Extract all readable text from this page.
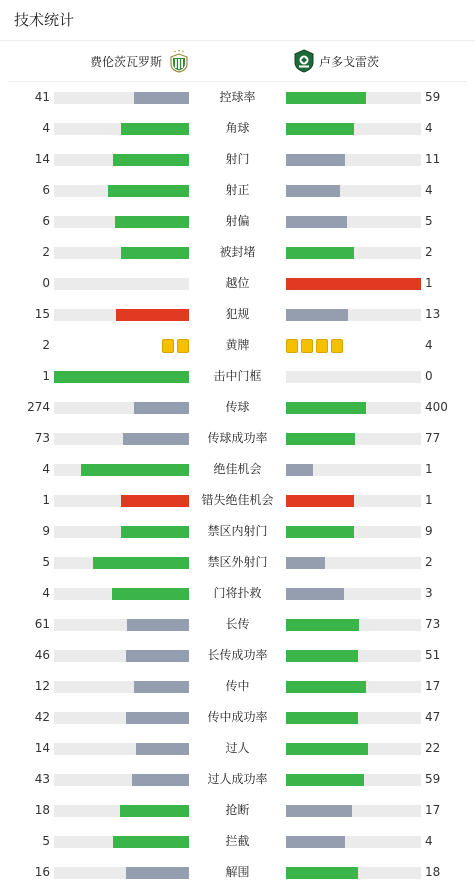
技术统计
费伦茨瓦罗斯	卢多戈雷茨
41	控球率	59
4	角球	4
14	射门	11
6	射正	4
6	射偏	5
2	被封堵	2
0	越位	1
15	犯规	13
2	黄牌	4
1	击中门框	0
274	传球	400
73	传球成功率	77
4	绝佳机会	1
1	错失绝佳机会	1
9	禁区内射门	9
5	禁区外射门	2
4	门将扑救	3
61	长传	73
46	长传成功率	51
12	传中	17
42	传中成功率	47
14	过人	22
43	过人成功率	59
18	抢断	17
5	拦截	4
16	解围	18
